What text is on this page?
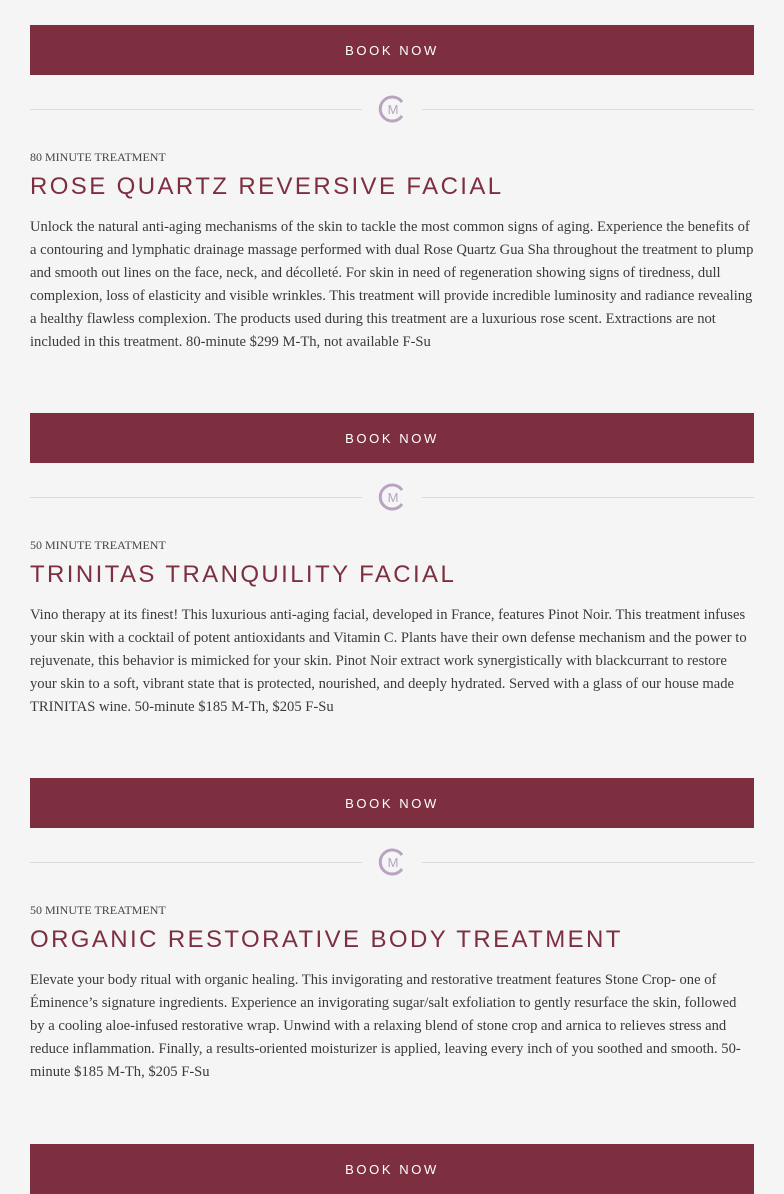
BOOK NOW
M
80 MINUTE TREATMENT
ROSE QUARTZ REVERSIVE FACIAL

Unlock the natural anti-aging mechanisms of the skin to tackle the most common signs of aging. Experience the benefits of a contouring and lymphatic drainage massage performed with dual Rose Quartz Gua Sha throughout the treatment to plump and smooth out lines on the face, neck, and décolleté. For skin in need of regeneration showing signs of tiredness, dull complexion, loss of elasticity and visible wrinkles. This treatment will provide incredible luminosity and radiance revealing a healthy flawless complexion. The products used during this treatment are a luxurious rose scent. Extractions are not included in this treatment. 80-minute $299 M-Th, not available F-Su

BOOK NOW
M
50 MINUTE TREATMENT
TRINITAS TRANQUILITY FACIAL

Vino therapy at its finest! This luxurious anti-aging facial, developed in France, features Pinot Noir. This treatment infuses your skin with a cocktail of potent antioxidants and Vitamin C. Plants have their own defense mechanism and the power to rejuvenate, this behavior is mimicked for your skin. Pinot Noir extract work synergistically with blackcurrant to restore your skin to a soft, vibrant state that is protected, nourished, and deeply hydrated. Served with a glass of our house made TRINITAS wine. 50-minute $185 M-Th, $205 F-Su

BOOK NOW
M
50 MINUTE TREATMENT
ORGANIC RESTORATIVE BODY TREATMENT

Elevate your body ritual with organic healing. This invigorating and restorative treatment features Stone Crop- one of Éminence’s signature ingredients. Experience an invigorating sugar/salt exfoliation to gently resurface the skin, followed by a cooling aloe-infused restorative wrap. Unwind with a relaxing blend of stone crop and arnica to relieves stress and reduce inflammation. Finally, a results-oriented moisturizer is applied, leaving every inch of you soothed and smooth. 50-minute $185 M-Th, $205 F-Su

BOOK NOW
